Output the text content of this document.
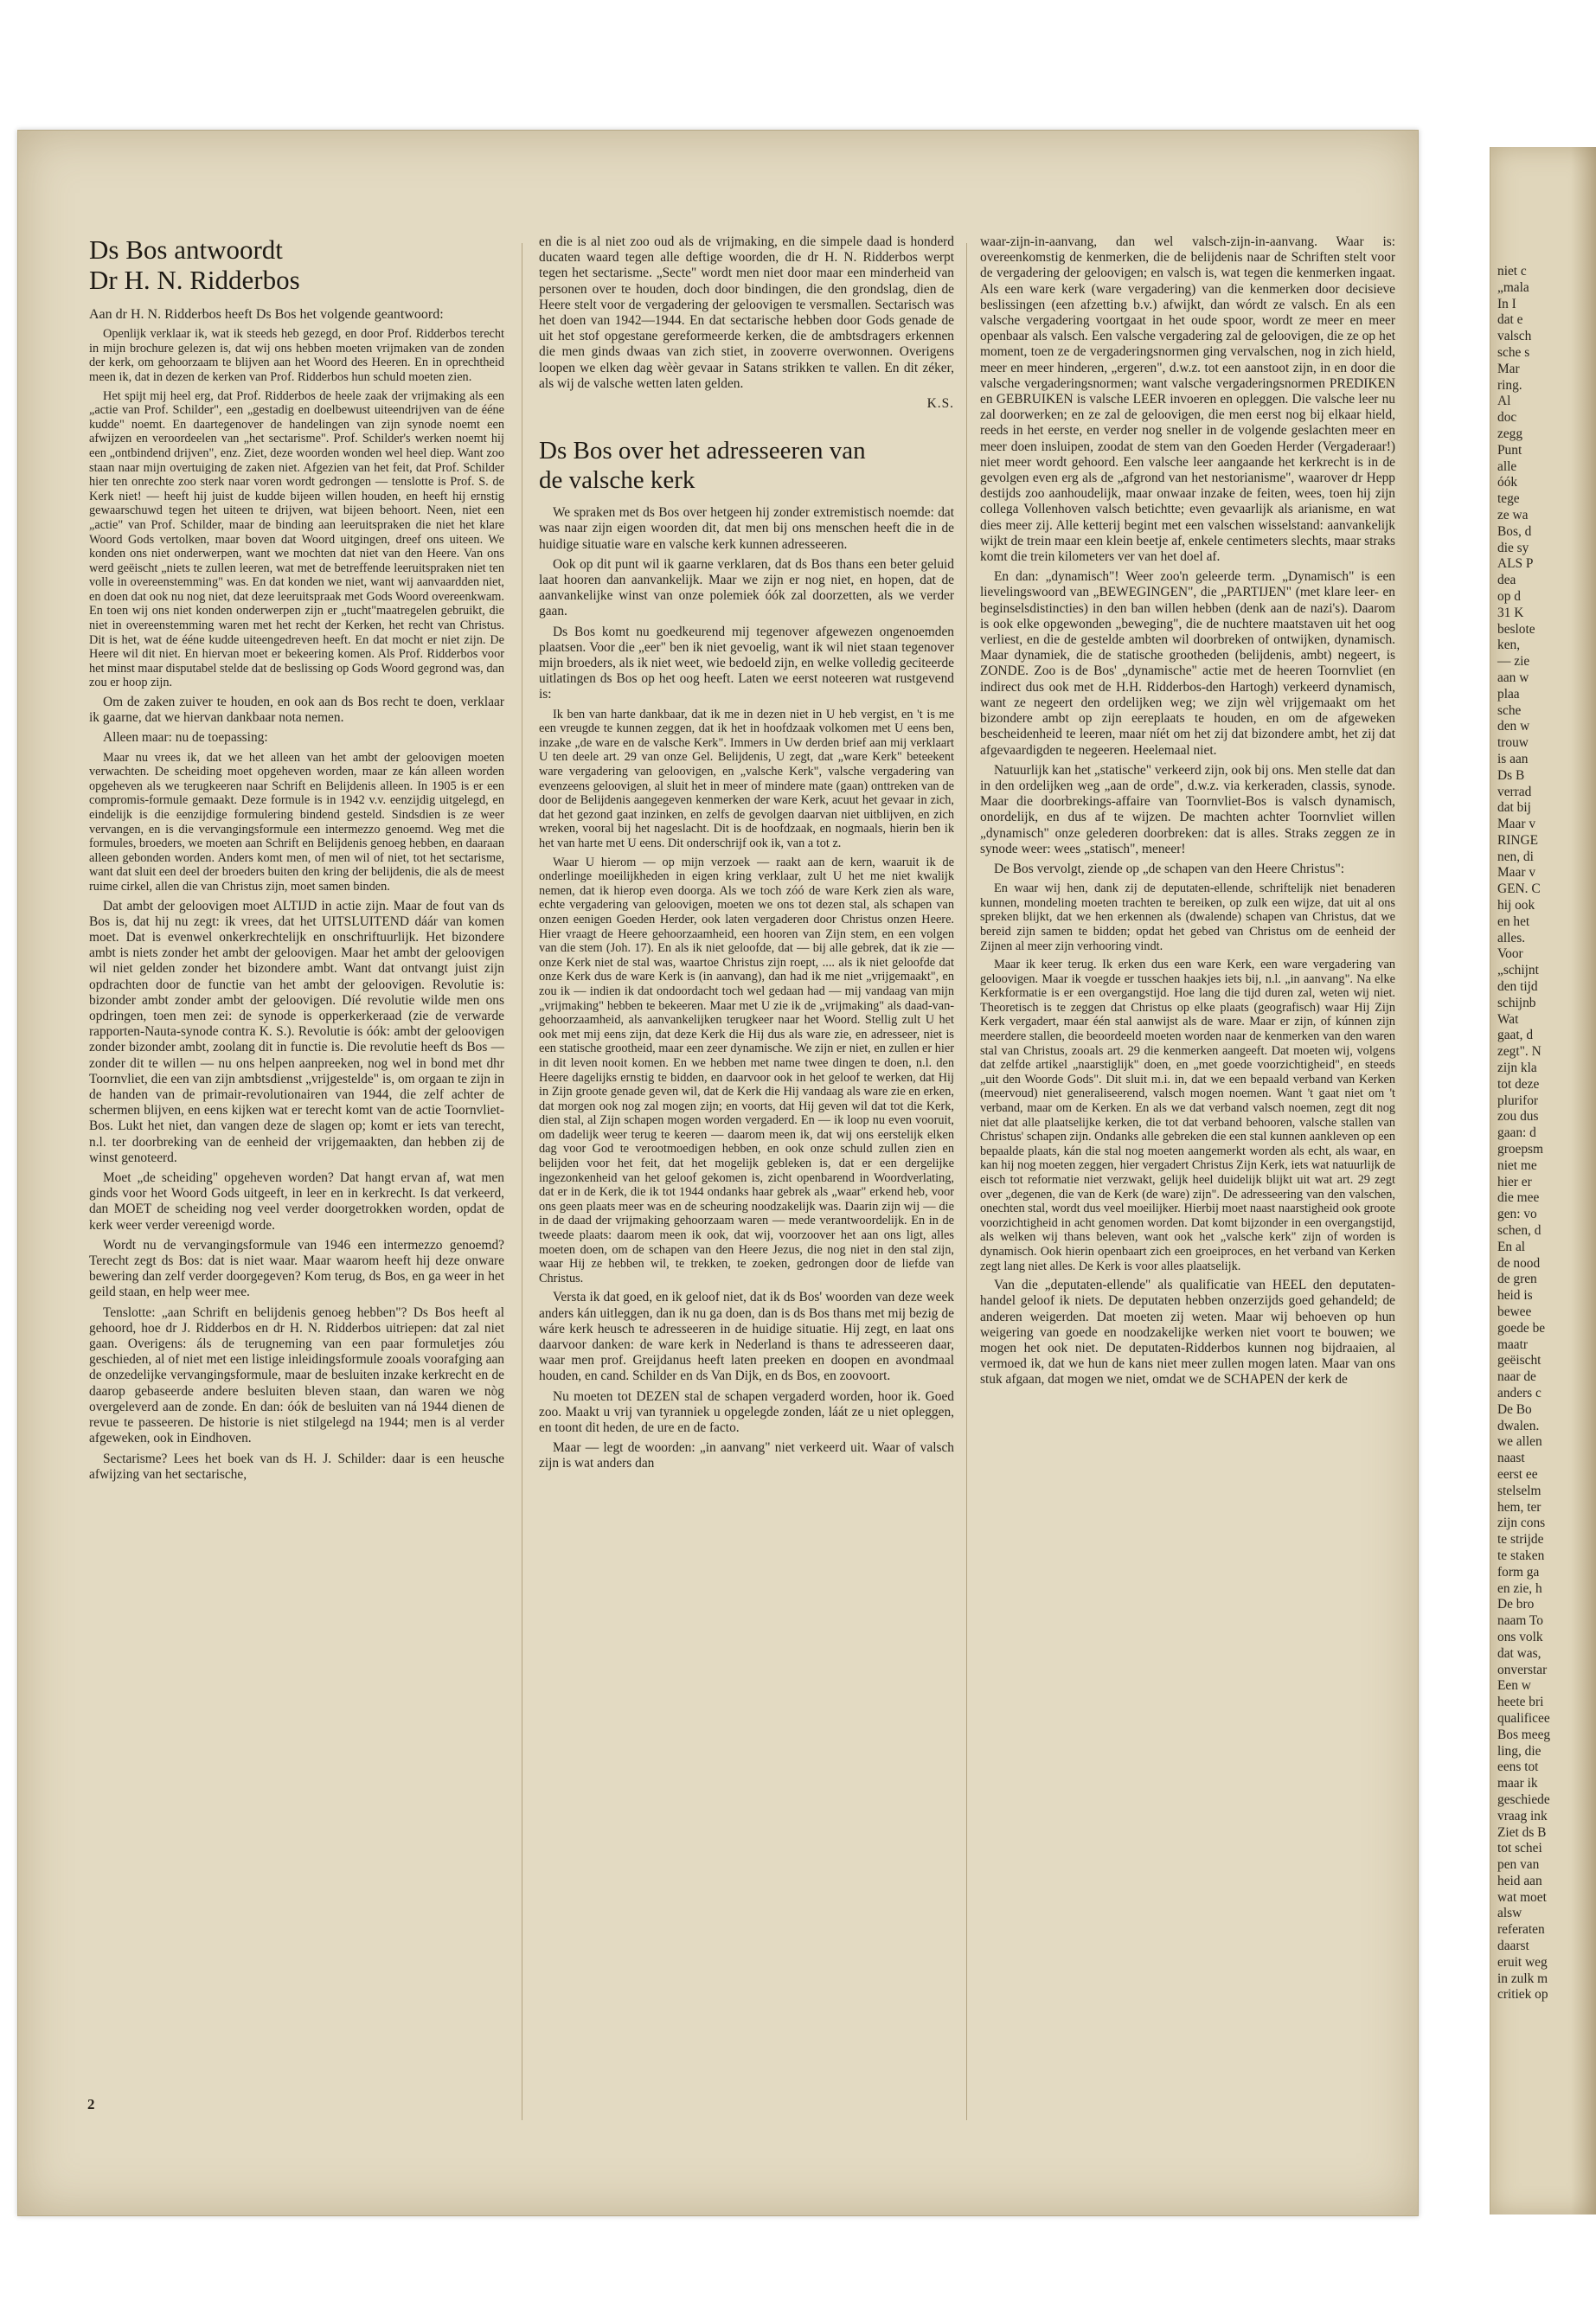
Ds Bos antwoordt
Dr H. N. Ridderbos

Aan dr H. N. Ridderbos heeft Ds Bos het volgende geantwoord:

Openlijk verklaar ik, wat ik steeds heb gezegd, en door Prof. Ridderbos terecht in mijn brochure gelezen is, dat wij ons hebben moeten vrijmaken van de zonden der kerk, om gehoorzaam te blijven aan het Woord des Heeren. En in oprechtheid meen ik, dat in dezen de kerken van Prof. Ridderbos hun schuld moeten zien.

Het spijt mij heel erg, dat Prof. Ridderbos de heele zaak der vrijmaking als een „actie van Prof. Schilder", een „gestadig en doelbewust uiteendrijven van de ééne kudde" noemt. En daartegenover de handelingen van zijn synode noemt een afwijzen en veroordeelen van „het sectarisme". Prof. Schilder's werken noemt hij een „ontbindend drijven", enz. Ziet, deze woorden wonden wel heel diep. Want zoo staan naar mijn overtuiging de zaken niet. Afgezien van het feit, dat Prof. Schilder hier ten onrechte zoo sterk naar voren wordt gedrongen — tenslotte is Prof. S. de Kerk niet! — heeft hij juist de kudde bijeen willen houden, en heeft hij ernstig gewaarschuwd tegen het uiteen te drijven, wat bijeen behoort. Neen, niet een „actie" van Prof. Schilder, maar de binding aan leeruitspraken die niet het klare Woord Gods vertolken, maar boven dat Woord uitgingen, dreef ons uiteen. We konden ons niet onderwerpen, want we mochten dat niet van den Heere. Van ons werd geëischt „niets te zullen leeren, wat met de betreffende leeruitspraken niet ten volle in overeenstemming" was. En dat konden we niet, want wij aanvaardden niet, en doen dat ook nu nog niet, dat deze leeruitspraak met Gods Woord overeenkwam. En toen wij ons niet konden onderwerpen zijn er „tucht"maatregelen gebruikt, die niet in overeenstemming waren met het recht der Kerken, het recht van Christus. Dit is het, wat de ééne kudde uiteengedreven heeft. En dat mocht er niet zijn. De Heere wil dit niet. En hiervan moet er bekeering komen. Als Prof. Ridderbos voor het minst maar disputabel stelde dat de beslissing op Gods Woord gegrond was, dan zou er hoop zijn.

Om de zaken zuiver te houden, en ook aan ds Bos recht te doen, verklaar ik gaarne, dat we hiervan dankbaar nota nemen.

Alleen maar: nu de toepassing:

Maar nu vrees ik, dat we het alleen van het ambt der geloovigen moeten verwachten. De scheiding moet opgeheven worden, maar ze kán alleen worden opgeheven als we terugkeeren naar Schrift en Belijdenis alleen. In 1905 is er een compromis-formule gemaakt. Deze formule is in 1942 v.v. eenzijdig uitgelegd, en eindelijk is die eenzijdige formulering bindend gesteld. Sindsdien is ze weer vervangen, en is die vervangingsformule een intermezzo genoemd. Weg met die formules, broeders, we moeten aan Schrift en Belijdenis genoeg hebben, en daaraan alleen gebonden worden. Anders komt men, of men wil of niet, tot het sectarisme, want dat sluit een deel der broeders buiten den kring der belijdenis, die als de meest ruime cirkel, allen die van Christus zijn, moet samen binden.

Dat ambt der geloovigen moet ALTIJD in actie zijn. Maar de fout van ds Bos is, dat hij nu zegt: ik vrees, dat het UITSLUITEND dáár van komen moet. Dat is evenwel onkerkrechtelijk en onschriftuurlijk. Het bizondere ambt is niets zonder het ambt der geloovigen. Maar het ambt der geloovigen wil niet gelden zonder het bizondere ambt. Want dat ontvangt juist zijn opdrachten door de functie van het ambt der geloovigen. Revolutie is: bizonder ambt zonder ambt der geloovigen. Díé revolutie wilde men ons opdringen, toen men zei: de synode is opperkerkeraad (zie de verwarde rapporten-Nauta-synode contra K. S.). Revolutie is óók: ambt der geloovigen zonder bizonder ambt, zoolang dit in functie is. Die revolutie heeft ds Bos — zonder dit te willen — nu ons helpen aanpreeken, nog wel in bond met dhr Toornvliet, die een van zijn ambtsdienst „vrijgestelde" is, om orgaan te zijn in de handen van de primair-revolutionairen van 1944, die zelf achter de schermen blijven, en eens kijken wat er terecht komt van de actie Toornvliet-Bos. Lukt het niet, dan vangen deze de slagen op; komt er iets van terecht, n.l. ter doorbreking van de eenheid der vrijgemaakten, dan hebben zij de winst genoteerd.

Moet „de scheiding" opgeheven worden? Dat hangt ervan af, wat men ginds voor het Woord Gods uitgeeft, in leer en in kerkrecht. Is dat verkeerd, dan MOET de scheiding nog veel verder doorgetrokken worden, opdat de kerk weer verder vereenigd worde.

Wordt nu de vervangingsformule van 1946 een intermezzo genoemd? Terecht zegt ds Bos: dat is niet waar. Maar waarom heeft hij deze onware bewering dan zelf verder doorgegeven? Kom terug, ds Bos, en ga weer in het geild staan, en help weer mee.

Tenslotte: „aan Schrift en belijdenis genoeg hebben"? Ds Bos heeft al gehoord, hoe dr J. Ridderbos en dr H. N. Ridderbos uitriepen: dat zal niet gaan. Overigens: áls de terugneming van een paar formuletjes zóu geschieden, al of niet met een listige inleidingsformule zooals voorafging aan de onzedelijke vervangingsformule, maar de besluiten inzake kerkrecht en de daarop gebaseerde andere besluiten bleven staan, dan waren we nòg overgeleverd aan de zonde. En dan: óók de besluiten van ná 1944 dienen de revue te passeeren. De historie is niet stilgelegd na 1944; men is al verder afgeweken, ook in Eindhoven.

Sectarisme? Lees het boek van ds H. J. Schilder: daar is een heusche afwijzing van het sectarische,

en die is al niet zoo oud als de vrijmaking, en die simpele daad is honderd ducaten waard tegen alle deftige woorden, die dr H. N. Ridderbos werpt tegen het sectarisme. „Secte" wordt men niet door maar een minderheid van personen over te houden, doch door bindingen, die den grondslag, dien de Heere stelt voor de vergadering der geloovigen te versmallen. Sectarisch was het doen van 1942—1944. En dat sectarische hebben door Gods genade de uit het stof opgestane gereformeerde kerken, die de ambtsdragers erkennen die men ginds dwaas van zich stiet, in zooverre overwonnen. Overigens loopen we elken dag wèèr gevaar in Satans strikken te vallen. En dit zéker, als wij de valsche wetten laten gelden.

K.S.

Ds Bos over het adresseeren van
de valsche kerk

We spraken met ds Bos over hetgeen hij zonder extremistisch noemde: dat was naar zijn eigen woorden dit, dat men bij ons menschen heeft die in de huidige situatie ware en valsche kerk kunnen adresseeren.

Ook op dit punt wil ik gaarne verklaren, dat ds Bos thans een beter geluid laat hooren dan aanvankelijk. Maar we zijn er nog niet, en hopen, dat de aanvankelijke winst van onze polemiek óók zal doorzetten, als we verder gaan.

Ds Bos komt nu goedkeurend mij tegenover afgewezen ongenoemden plaatsen. Voor die „eer" ben ik niet gevoelig, want ik wil niet staan tegenover mijn broeders, als ik niet weet, wie bedoeld zijn, en welke volledig geciteerde uitlatingen ds Bos op het oog heeft. Laten we eerst noteeren wat rustgevend is:

Ik ben van harte dankbaar, dat ik me in dezen niet in U heb vergist, en 't is me een vreugde te kunnen zeggen, dat ik het in hoofdzaak volkomen met U eens ben, inzake „de ware en de valsche Kerk". Immers in Uw derden brief aan mij verklaart U ten deele art. 29 van onze Gel. Belijdenis, U zegt, dat „ware Kerk" beteekent ware vergadering van geloovigen, en „valsche Kerk", valsche vergadering van evenzeens geloovigen, al sluit het in meer of mindere mate (gaan) onttreken van de door de Belijdenis aangegeven kenmerken der ware Kerk, acuut het gevaar in zich, dat het gezond gaat inzinken, en zelfs de gevolgen daarvan niet uitblijven, en zich wreken, vooral bij het nageslacht. Dit is de hoofdzaak, en nogmaals, hierin ben ik het van harte met U eens. Dit onderschrijf ook ik, van a tot z.

Waar U hierom — op mijn verzoek — raakt aan de kern, waaruit ik de onderlinge moeilijkheden in eigen kring verklaar, zult U het me niet kwalijk nemen, dat ik hierop even doorga. Als we toch zóó de ware Kerk zien als ware, echte vergadering van geloovigen, moeten we ons tot dezen stal, als schapen van onzen eenigen Goeden Herder, ook laten vergaderen door Christus onzen Heere. Hier vraagt de Heere gehoorzaamheid, een hooren van Zijn stem, en een volgen van die stem (Joh. 17). En als ik niet geloofde, dat — bij alle gebrek, dat ik zie — onze Kerk niet de stal was, waartoe Christus zijn roept, .... als ik niet geloofde dat onze Kerk dus de ware Kerk is (in aanvang), dan had ik me niet „vrijgemaakt", en zou ik — indien ik dat ondoordacht toch wel gedaan had — mij vandaag van mijn „vrijmaking" hebben te bekeeren. Maar met U zie ik de „vrijmaking" als daad-van-gehoorzaamheid, als aanvankelijken terugkeer naar het Woord. Stellig zult U het ook met mij eens zijn, dat deze Kerk die Hij dus als ware zie, en adresseer, niet is een statische grootheid, maar een zeer dynamische. We zijn er niet, en zullen er hier in dit leven nooit komen. En we hebben met name twee dingen te doen, n.l. den Heere dagelijks ernstig te bidden, en daarvoor ook in het geloof te werken, dat Hij in Zijn groote genade geven wil, dat de Kerk die Hij vandaag als ware zie en erken, dat morgen ook nog zal mogen zijn; en voorts, dat Hij geven wil dat tot die Kerk, dien stal, al Zijn schapen mogen worden vergaderd. En — ik loop nu even vooruit, om dadelijk weer terug te keeren — daarom meen ik, dat wij ons eerstelijk elken dag voor God te verootmoedigen hebben, en ook onze schuld zullen zien en belijden voor het feit, dat het mogelijk gebleken is, dat er een dergelijke ingezonkenheid van het geloof gekomen is, zicht openbarend in Woordverlating, dat er in de Kerk, die ik tot 1944 ondanks haar gebrek als „waar" erkend heb, voor ons geen plaats meer was en de scheuring noodzakelijk was. Daarin zijn wij — die in de daad der vrijmaking gehoorzaam waren — mede verantwoordelijk. En in de tweede plaats: daarom meen ik ook, dat wij, voorzoover het aan ons ligt, alles moeten doen, om de schapen van den Heere Jezus, die nog niet in den stal zijn, waar Hij ze hebben wil, te trekken, te zoeken, gedrongen door de liefde van Christus.

Versta ik dat goed, en ik geloof niet, dat ik ds Bos' woorden van deze week anders kán uitleggen, dan ik nu ga doen, dan is ds Bos thans met mij bezig de wáre kerk heusch te adresseeren in de huidige situatie. Hij zegt, en laat ons daarvoor danken: de ware kerk in Nederland is thans te adresseeren daar, waar men prof. Greijdanus heeft laten preeken en doopen en avondmaal houden, en cand. Schilder en ds Van Dijk, en ds Bos, en zoovoort.

Nu moeten tot DEZEN stal de schapen vergaderd worden, hoor ik. Goed zoo. Maakt u vrij van tyranniek u opgelegde zonden, láát ze u niet opleggen, en toont dit heden, de ure en de facto.

Maar — legt de woorden: „in aanvang" niet verkeerd uit. Waar of valsch zijn is wat anders dan

waar-zijn-in-aanvang, dan wel valsch-zijn-in-aanvang. Waar is: overeenkomstig de kenmerken, die de belijdenis naar de Schriften stelt voor de vergadering der geloovigen; en valsch is, wat tegen die kenmerken ingaat. Als een ware kerk (ware vergadering) van die kenmerken door decisieve beslissingen (een afzetting b.v.) afwijkt, dan wórdt ze valsch. En als een valsche vergadering voortgaat in het oude spoor, wordt ze meer en meer openbaar als valsch. Een valsche vergadering zal de geloovigen, die ze op het moment, toen ze de vergaderingsnormen ging vervalschen, nog in zich hield, meer en meer hinderen, „ergeren", d.w.z. tot een aanstoot zijn, in en door die valsche vergaderingsnormen; want valsche vergaderingsnormen PREDIKEN en GEBRUIKEN is valsche LEER invoeren en opleggen. Die valsche leer nu zal doorwerken; en ze zal de geloovigen, die men eerst nog bij elkaar hield, reeds in het eerste, en verder nog sneller in de volgende geslachten meer en meer doen insluipen, zoodat de stem van den Goeden Herder (Vergaderaar!) niet meer wordt gehoord. Een valsche leer aangaande het kerkrecht is in de gevolgen even erg als de „afgrond van het nestorianisme", waarover dr Hepp destijds zoo aanhoudelijk, maar onwaar inzake de feiten, wees, toen hij zijn collega Vollenhoven valsch betichtte; even gevaarlijk als arianisme, en wat dies meer zij. Alle ketterij begint met een valschen wisselstand: aanvankelijk wijkt de trein maar een klein beetje af, enkele centimeters slechts, maar straks komt die trein kilometers ver van het doel af.

En dan: „dynamisch"! Weer zoo'n geleerde term. „Dynamisch" is een lievelingswoord van „BEWEGINGEN", die „PARTIJEN" (met klare leer- en beginselsdistincties) in den ban willen hebben (denk aan de nazi's). Daarom is ook elke opgewonden „beweging", die de nuchtere maatstaven uit het oog verliest, en die de gestelde ambten wil doorbreken of ontwijken, dynamisch. Maar dynamiek, die de statische grootheden (belijdenis, ambt) negeert, is ZONDE. Zoo is de Bos' „dynamische" actie met de heeren Toornvliet (en indirect dus ook met de H.H. Ridderbos-den Hartogh) verkeerd dynamisch, want ze negeert den ordelijken weg; we zijn wèl vrijgemaakt om het bizondere ambt op zijn eereplaats te houden, en om de afgeweken bescheidenheid te leeren, maar níét om het zij dat bizondere ambt, het zij dat afgevaardigden te negeeren. Heelemaal niet.

Natuurlijk kan het „statische" verkeerd zijn, ook bij ons. Men stelle dat dan in den ordelijken weg „aan de orde", d.w.z. via kerkeraden, classis, synode. Maar die doorbrekings-affaire van Toornvliet-Bos is valsch dynamisch, onordelijk, en dus af te wijzen. De machten achter Toornvliet willen „dynamisch" onze gelederen doorbreken: dat is alles. Straks zeggen ze in synode weer: wees „statisch", meneer!

De Bos vervolgt, ziende op „de schapen van den Heere Christus":

En waar wij hen, dank zij de deputaten-ellende, schriftelijk niet benaderen kunnen, mondeling moeten trachten te bereiken, op zulk een wijze, dat uit al ons spreken blijkt, dat we hen erkennen als (dwalende) schapen van Christus, dat we bereid zijn samen te bidden; opdat het gebed van Christus om de eenheid der Zijnen al meer zijn verhooring vindt.

Maar ik keer terug. Ik erken dus een ware Kerk, een ware vergadering van geloovigen. Maar ik voegde er tusschen haakjes iets bij, n.l. „in aanvang". Na elke Kerkformatie is er een overgangstijd. Hoe lang die tijd duren zal, weten wij niet. Theoretisch is te zeggen dat Christus op elke plaats (geografisch) waar Hij Zijn Kerk vergadert, maar één stal aanwijst als de ware. Maar er zijn, of kúnnen zijn meerdere stallen, die beoordeeld moeten worden naar de kenmerken van den waren stal van Christus, zooals art. 29 die kenmerken aangeeft. Dat moeten wij, volgens dat zelfde artikel „naarstiglijk" doen, en „met goede voorzichtigheid", en steeds „uit den Woorde Gods". Dit sluit m.i. in, dat we een bepaald verband van Kerken (meervoud) niet generaliseerend, valsch mogen noemen. Want 't gaat niet om 't verband, maar om de Kerken. En als we dat verband valsch noemen, zegt dit nog niet dat alle plaatselijke kerken, die tot dat verband behooren, valsche stallen van Christus' schapen zijn. Ondanks alle gebreken die een stal kunnen aankleven op een bepaalde plaats, kán die stal nog moeten aangemerkt worden als echt, als waar, en kan hij nog moeten zeggen, hier vergadert Christus Zijn Kerk, iets wat natuurlijk de eisch tot reformatie niet verzwakt, gelijk heel duidelijk blijkt uit wat art. 29 zegt over „degenen, die van de Kerk (de ware) zijn". De adresseering van den valschen, onechten stal, wordt dus veel moeilijker. Hierbij moet naast naarstigheid ook groote voorzichtigheid in acht genomen worden. Dat komt bijzonder in een overgangstijd, als welken wij thans beleven, want ook het „valsche kerk" zijn of worden is dynamisch. Ook hierin openbaart zich een groeiproces, en het verband van Kerken zegt lang niet alles. De Kerk is voor alles plaatselijk.

Van die „deputaten-ellende" als qualificatie van HEEL den deputaten-handel geloof ik niets. De deputaten hebben onzerzijds goed gehandeld; de anderen weigerden. Dat moeten zij weten. Maar wij behoeven op hun weigering van goede en noodzakelijke werken niet voort te bouwen; we mogen het ook niet. De deputaten-Ridderbos kunnen nog bijdraaien, al vermoed ik, dat we hun de kans niet meer zullen mogen laten. Maar van ons stuk afgaan, dat mogen we niet, omdat we de SCHAPEN der kerk de

2
niet c
„mala
In I
dat e
valsch
sche s
Mar
ring.
Al
doc
zegg
Punt
alle
óók
tege
ze wa
Bos, d
die sy
ALS P
dea
op d
31 K
beslote
ken,
— zie
aan w
plaa
sche
den w
trouw
is aan
Ds B
verrad
dat bij
Maar v
RINGE
nen, di
Maar v
GEN. C
hij ook
en het
alles.
Voor
„schijnt
den tijd
schijnb
Wat
gaat, d
zegt". N
zijn kla
tot deze
plurifor
zou dus
gaan: d
groepsm
niet me
hier er
die mee
gen: vo
schen, d
En al
de nood
de gren
heid is
bewee
goede be
maatr
geëischt
naar de
anders c
De Bo
dwalen.
we allen
naast
eerst ee
stelselm
hem, ter
zijn cons
te strijde
te staken
form ga
en zie, h
De bro
naam To
ons volk
dat was,
onverstar
Een w
heete bri
qualificee
Bos meeg
ling, die
eens tot
maar ik
geschiede
vraag ink
Ziet ds B
tot schei
pen van
heid aan
wat moet
alsw
referaten
daarst
eruit weg
in zulk m
critiek op
